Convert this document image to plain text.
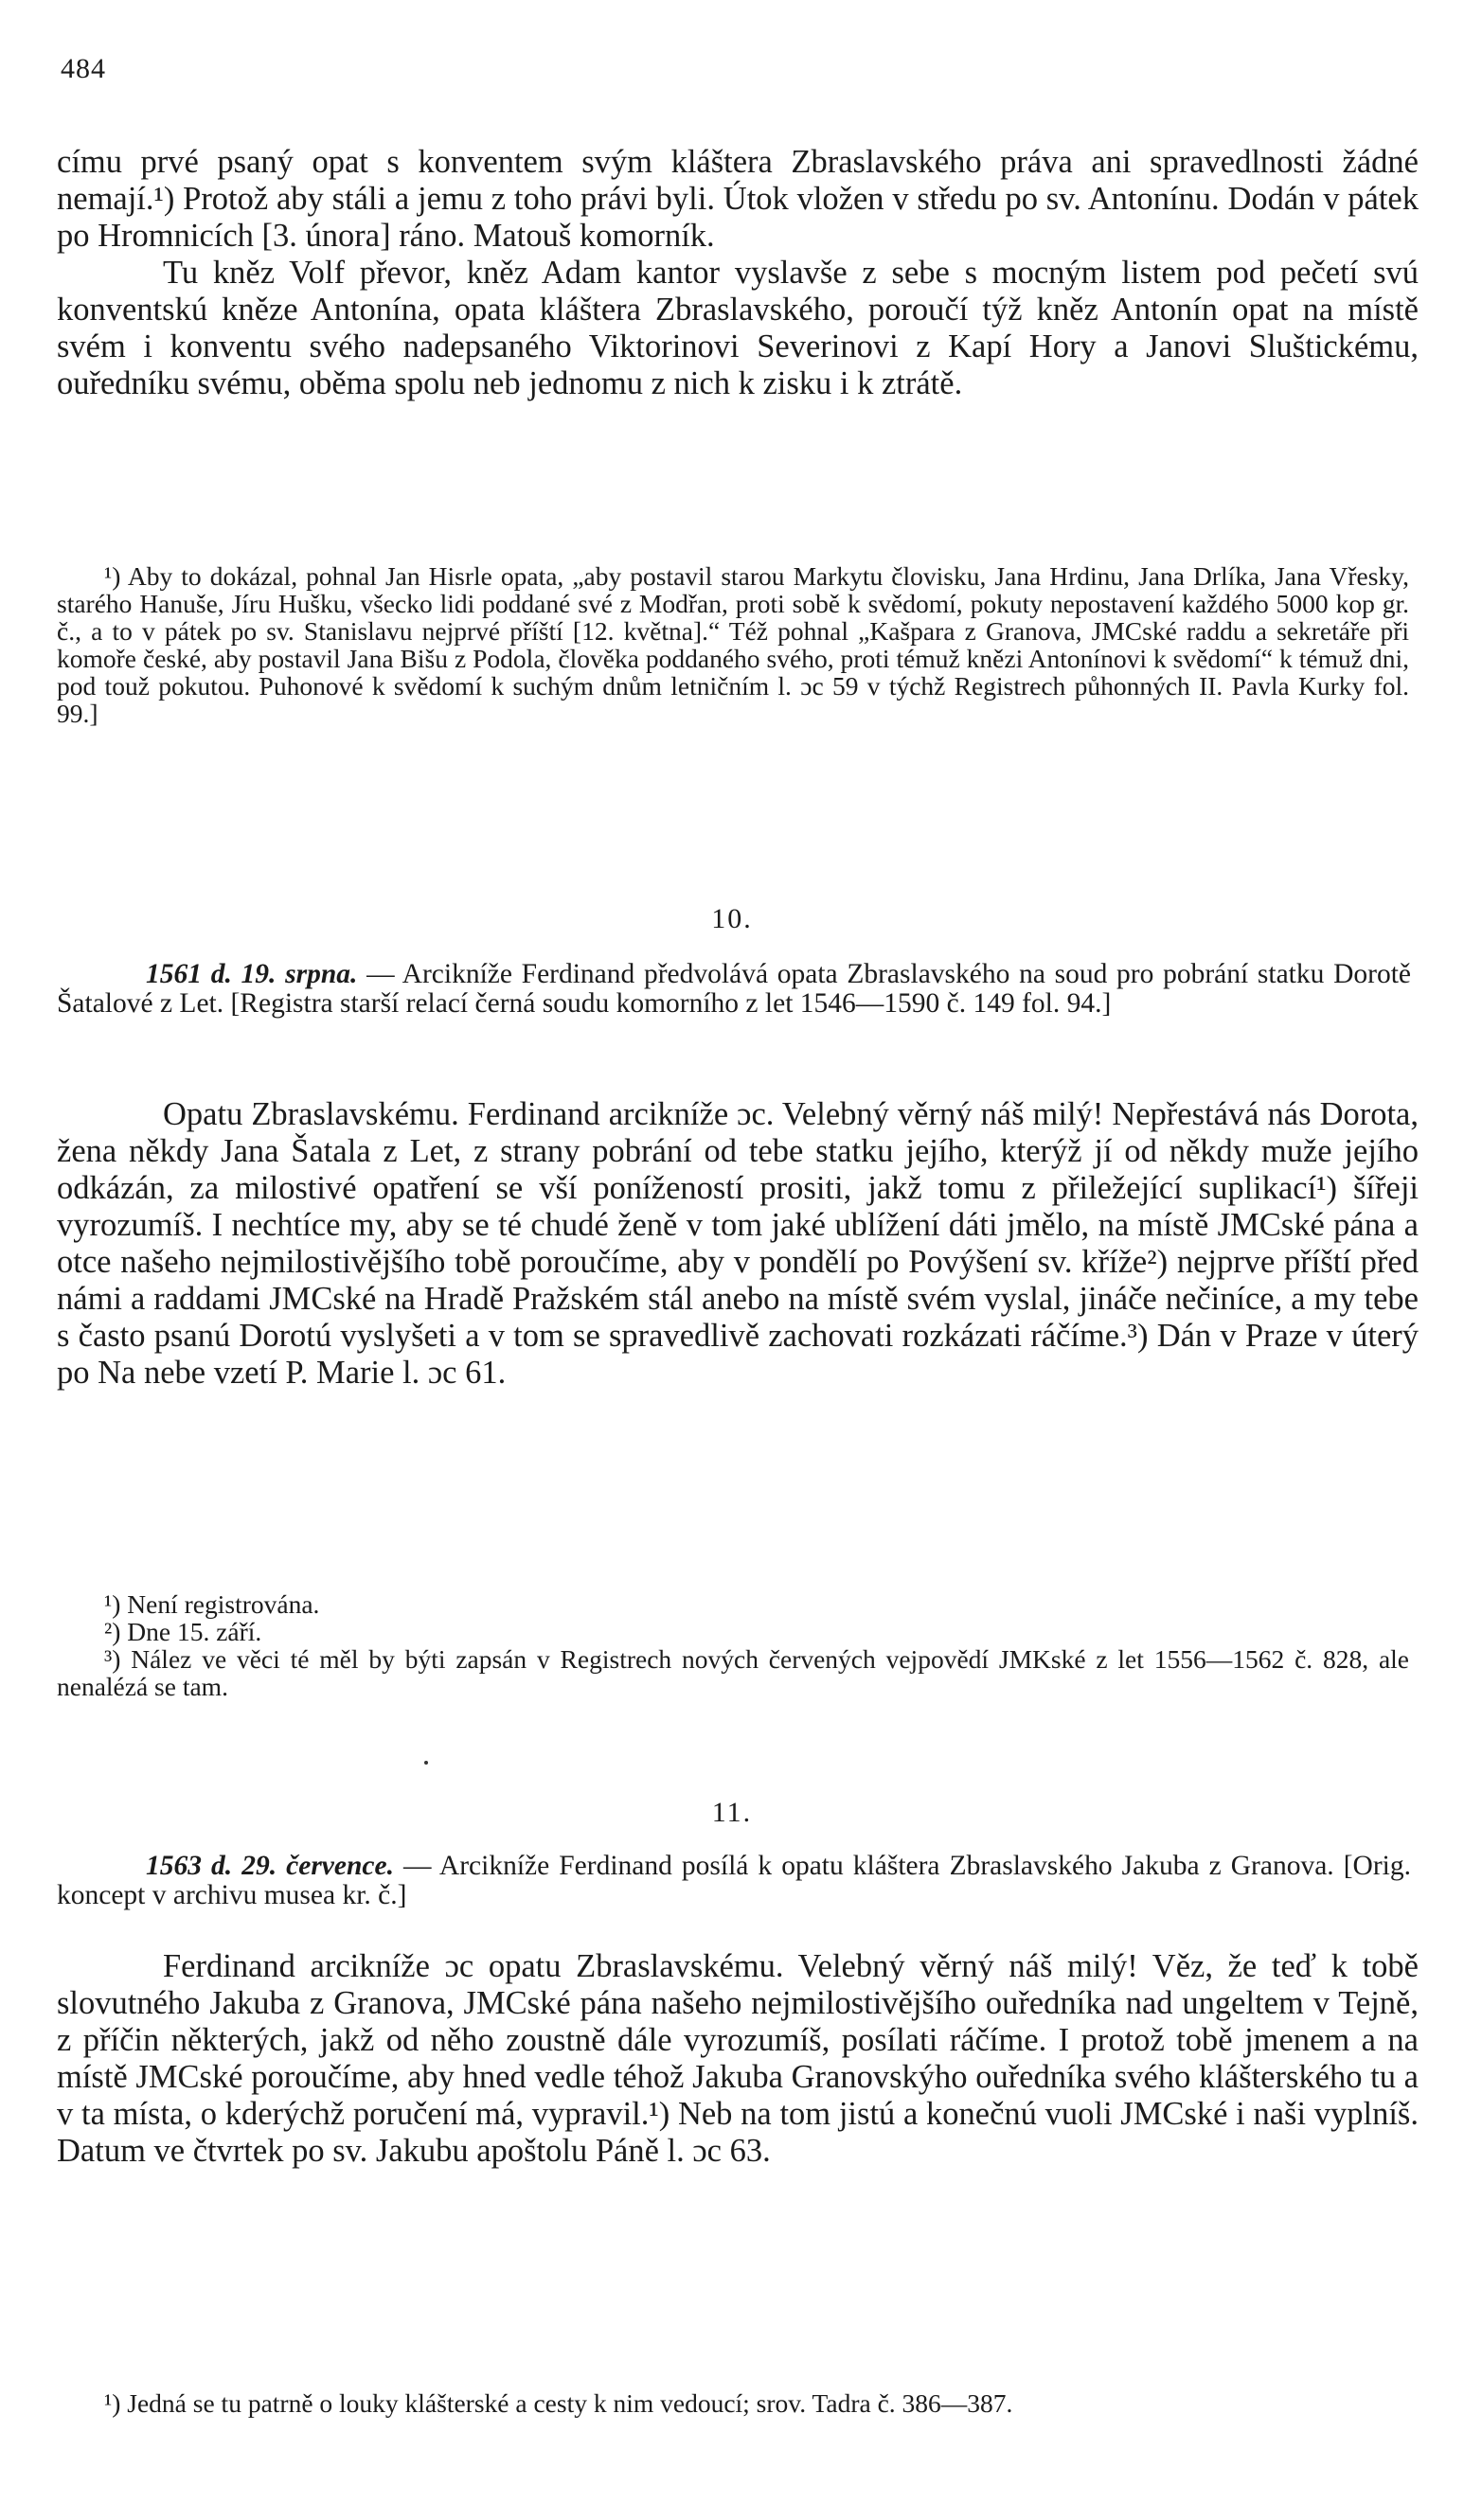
484

címu prvé psaný opat s konventem svým kláštera Zbraslavského práva ani spravedlnosti žádné nemají.¹) Protož aby stáli a jemu z toho právi byli. Útok vložen v středu po sv. Antonínu. Dodán v pátek po Hromnicích [3. února] ráno. Matouš komorník.

Tu kněz Volf převor, kněz Adam kantor vyslavše z sebe s mocným listem pod pečetí svú konventskú kněze Antonína, opata kláštera Zbraslavského, poroučí týž kněz Antonín opat na místě svém i konventu svého nadepsaného Viktorinovi Severinovi z Kapí Hory a Janovi Sluštickému, ouředníku svému, oběma spolu neb jednomu z nich k zisku i k ztrátě.

¹) Aby to dokázal, pohnal Jan Hisrle opata, „aby postavil starou Markytu človisku, Jana Hrdinu, Jana Drlíka, Jana Vřesky, starého Hanuše, Jíru Hušku, všecko lidi poddané své z Modřan, proti sobě k svědomí, pokuty nepostavení každého 5000 kop gr. č., a to v pátek po sv. Stanislavu nejprvé příští [12. května].“ Též pohnal „Kašpara z Granova, JMCské raddu a sekretáře při komoře české, aby postavil Jana Bišu z Podola, člověka poddaného svého, proti témuž knězi Antonínovi k svědomí“ k témuž dni, pod touž pokutou. Puhonové k svědomí k suchým dnům letničním l. ɔc 59 v týchž Registrech půhonných II. Pavla Kurky fol. 99.]

10.

1561 d. 19. srpna. — Arcikníže Ferdinand předvolává opata Zbraslavského na soud pro pobrání statku Dorotě Šatalové z Let. [Registra starší relací černá soudu komorního z let 1546—1590 č. 149 fol. 94.]

Opatu Zbraslavskému. Ferdinand arcikníže ɔc. Velebný věrný náš milý! Nepřestává nás Dorota, žena někdy Jana Šatala z Let, z strany pobrání od tebe statku jejího, kterýž jí od někdy muže jejího odkázán, za milostivé opatření se vší ponížeností prositi, jakž tomu z přiležející suplikací¹) šířeji vyrozumíš. I nechtíce my, aby se té chudé ženě v tom jaké ublížení dáti jmělo, na místě JMCské pána a otce našeho nejmilostivějšího tobě poroučíme, aby v pondělí po Povýšení sv. kříže²) nejprve příští před námi a raddami JMCské na Hradě Pražském stál anebo na místě svém vyslal, jináče nečiníce, a my tebe s často psanú Dorotú vyslyšeti a v tom se spravedlivě zachovati rozkázati ráčíme.³) Dán v Praze v úterý po Na nebe vzetí P. Marie l. ɔc 61.

¹) Není registrována.

²) Dne 15. září.

³) Nález ve věci té měl by býti zapsán v Registrech nových červených vejpovědí JMKské z let 1556—1562 č. 828, ale nenalézá se tam.

11.

1563 d. 29. července. — Arcikníže Ferdinand posílá k opatu kláštera Zbraslavského Jakuba z Granova. [Orig. koncept v archivu musea kr. č.]

Ferdinand arcikníže ɔc opatu Zbraslavskému. Velebný věrný náš milý! Věz, že teď k tobě slovutného Jakuba z Granova, JMCské pána našeho nejmilostivějšího ouředníka nad ungeltem v Tejně, z příčin některých, jakž od něho zoustně dále vyrozumíš, posílati ráčíme. I protož tobě jmenem a na místě JMCské poroučíme, aby hned vedle téhož Jakuba Granovskýho ouředníka svého klášterského tu a v ta místa, o kderýchž poručení má, vypravil.¹) Neb na tom jistú a konečnú vuoli JMCské i naši vyplníš. Datum ve čtvrtek po sv. Jakubu apoštolu Páně l. ɔc 63.

¹) Jedná se tu patrně o louky klášterské a cesty k nim vedoucí; srov. Tadra č. 386—387.
